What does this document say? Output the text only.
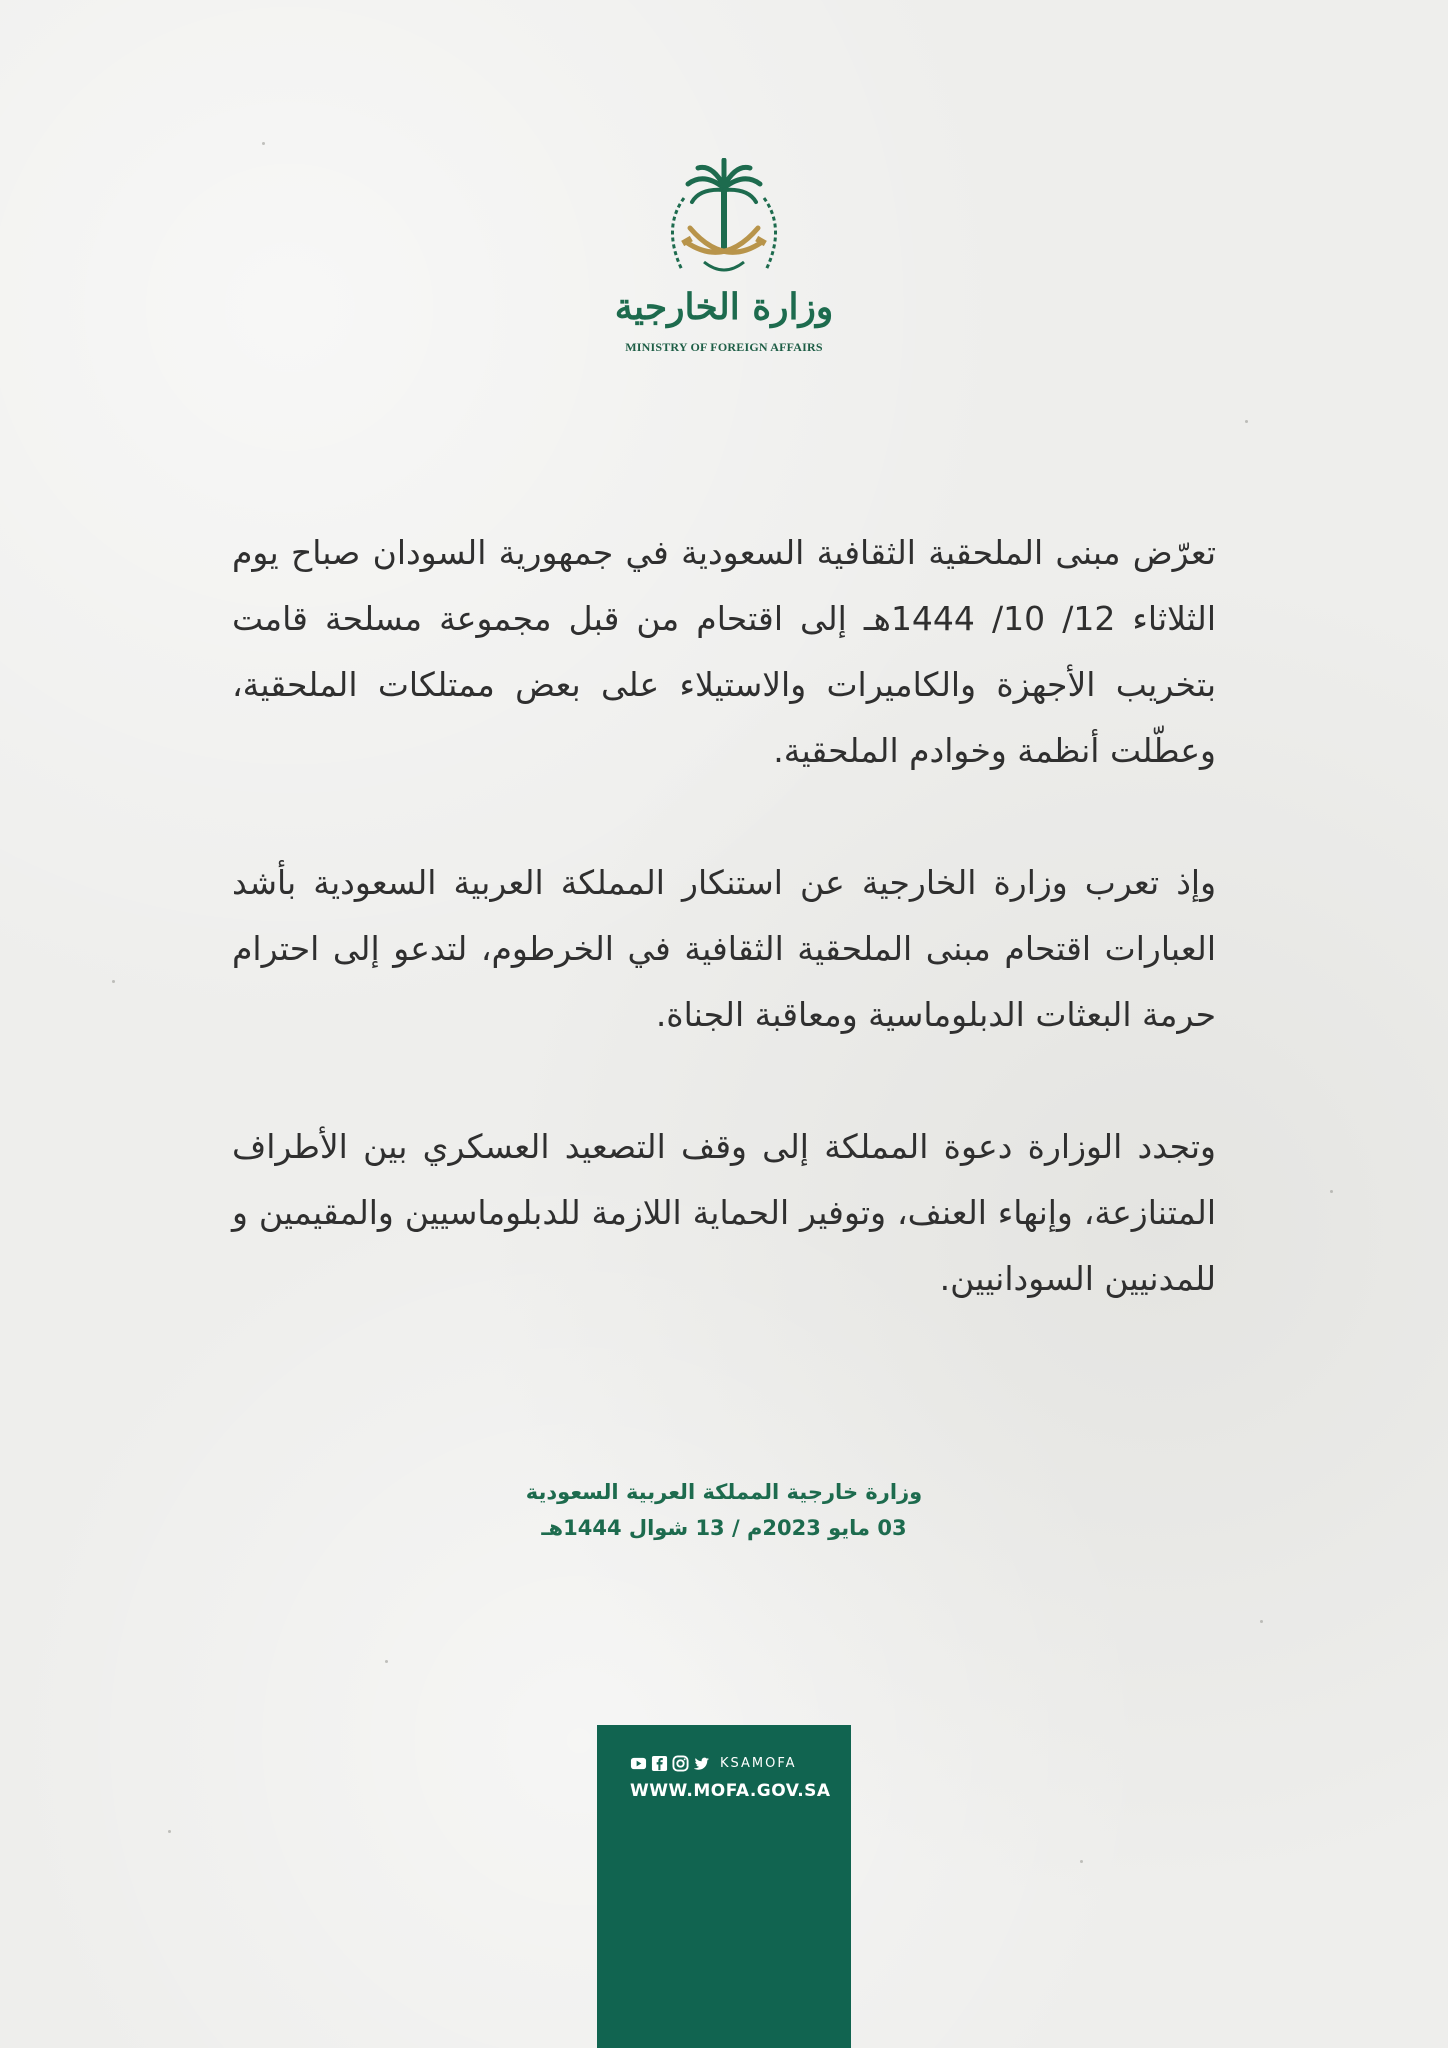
وزارة الخارجية
MINISTRY OF FOREIGN AFFAIRS

تعرّض مبنى الملحقية الثقافية السعودية في جمهورية السودان صباح يوم الثلاثاء 12/ 10/ 1444هـ إلى اقتحام من قبل مجموعة مسلحة قامت بتخريب الأجهزة والكاميرات والاستيلاء على بعض ممتلكات الملحقية، وعطّلت أنظمة وخوادم الملحقية.

وإذ تعرب وزارة الخارجية عن استنكار المملكة العربية السعودية بأشد العبارات اقتحام مبنى الملحقية الثقافية في الخرطوم، لتدعو إلى احترام حرمة البعثات الدبلوماسية ومعاقبة الجناة.

وتجدد الوزارة دعوة المملكة إلى وقف التصعيد العسكري بين الأطراف المتنازعة، وإنهاء العنف، وتوفير الحماية اللازمة للدبلوماسيين والمقيمين و للمدنيين السودانيين.

وزارة خارجية المملكة العربية السعودية
03 مايو 2023م / 13 شوال 1444هـ
KSAMOFA
WWW.MOFA.GOV.SA
